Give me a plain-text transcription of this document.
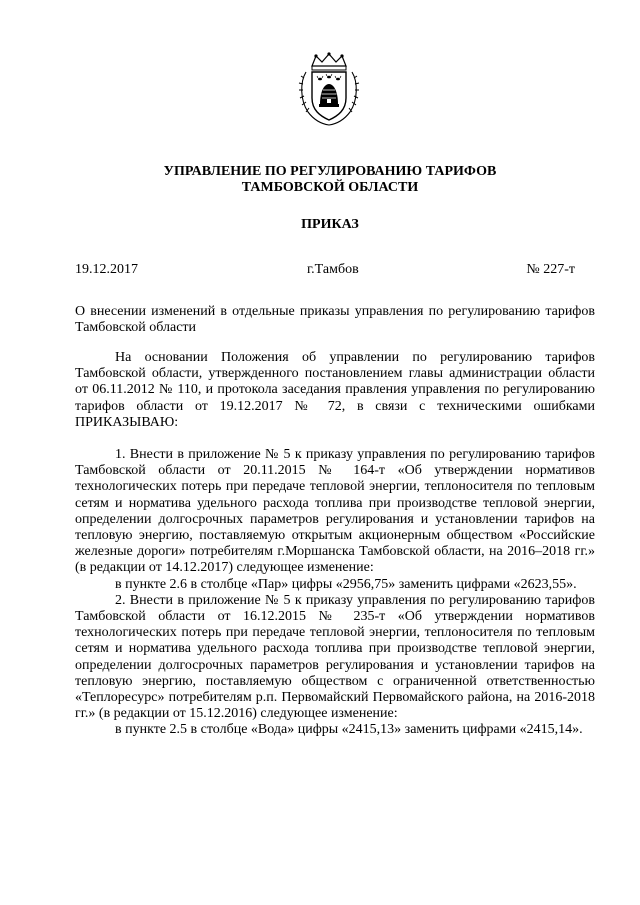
УПРАВЛЕНИЕ ПО РЕГУЛИРОВАНИЮ ТАРИФОВ
ТАМБОВСКОЙ ОБЛАСТИ
ПРИКАЗ
19.12.2017	г.Тамбов	№ 227-т
О внесении изменений в отдельные приказы управления по регулированию тарифов Тамбовской области

На основании Положения об управлении по регулированию тарифов Тамбовской области, утвержденного постановлением главы администрации области от 06.11.2012 № 110, и протокола заседания правления управления по регулированию тарифов области от 19.12.2017 № 72, в связи с техническими ошибками ПРИКАЗЫВАЮ:

1. Внести в приложение № 5 к приказу управления по регулированию тарифов Тамбовской области от 20.11.2015 № 164-т «Об утверждении нормативов технологических потерь при передаче тепловой энергии, теплоносителя по тепловым сетям и норматива удельного расхода топлива при производстве тепловой энергии, определении долгосрочных параметров регулирования и установлении тарифов на тепловую энергию, поставляемую открытым акционерным обществом «Российские железные дороги» потребителям г.Моршанска Тамбовской области, на 2016–2018 гг.» (в редакции от 14.12.2017) следующее изменение:

в пункте 2.6 в столбце «Пар» цифры «2956,75» заменить цифрами «2623,55».

2. Внести в приложение № 5 к приказу управления по регулированию тарифов Тамбовской области от 16.12.2015 № 235-т «Об утверждении нормативов технологических потерь при передаче тепловой энергии, теплоносителя по тепловым сетям и норматива удельного расхода топлива при производстве тепловой энергии, определении долгосрочных параметров регулирования и установлении тарифов на тепловую энергию, поставляемую обществом с ограниченной ответственностью «Теплоресурс» потребителям р.п. Первомайский Первомайского района, на 2016-2018 гг.» (в редакции от 15.12.2016) следующее изменение:

в пункте 2.5 в столбце «Вода» цифры «2415,13» заменить цифрами «2415,14».
